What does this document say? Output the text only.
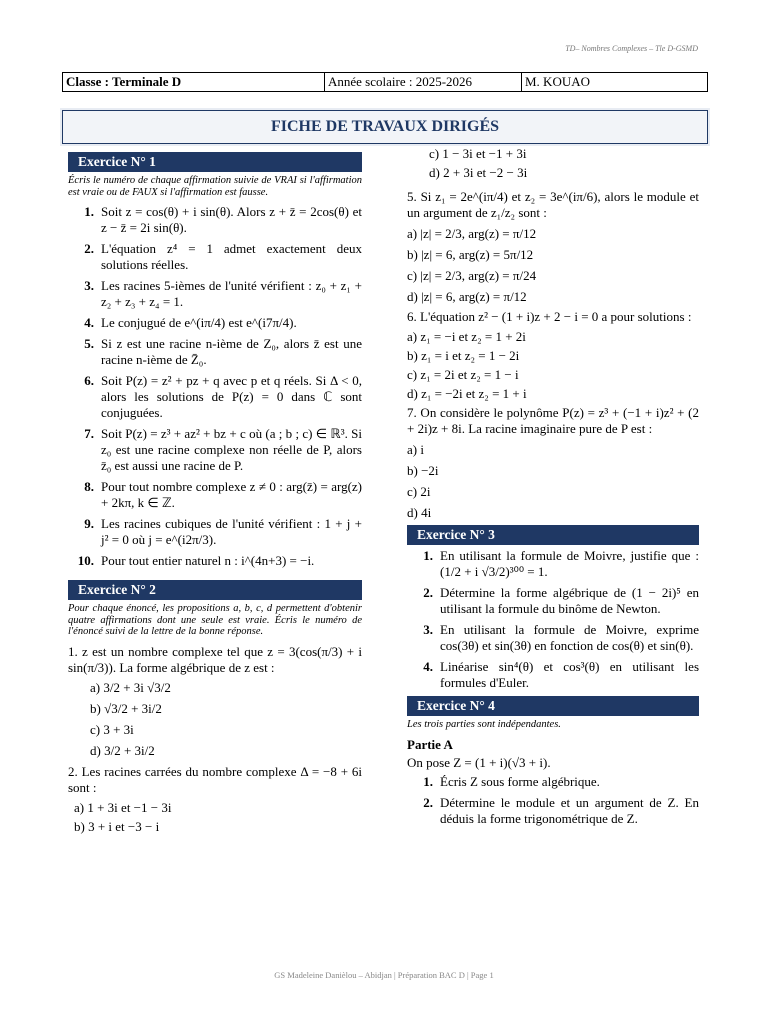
TD– Nombres Complexes – Tle D-GSMD
Classe : Terminale D	Année scolaire : 2025-2026	M. KOUAO
FICHE DE TRAVAUX DIRIGÉS
Exercice N° 1
Écris le numéro de chaque affirmation suivie de VRAI si l'affirmation est vraie ou de FAUX si l'affirmation est fausse.
1. Soit z = cos(θ) + i sin(θ). Alors z + z̄ = 2cos(θ) et z − z̄ = 2i sin(θ).
2. L'équation z⁴ = 1 admet exactement deux solutions réelles.
3. Les racines 5-ièmes de l'unité vérifient : z₀ + z₁ + z₂ + z₃ + z₄ = 1.
4. Le conjugué de e^(iπ/4) est e^(i7π/4).
5. Si z est une racine n-ième de Z₀, alors z̄ est une racine n-ième de Z̄₀.
6. Soit P(z) = z² + pz + q avec p et q réels. Si Δ < 0, alors les solutions de P(z) = 0 dans ℂ sont conjuguées.
7. Soit P(z) = z³ + az² + bz + c où (a ; b ; c) ∈ ℝ³. Si z₀ est une racine complexe non réelle de P, alors z̄₀ est aussi une racine de P.
8. Pour tout nombre complexe z ≠ 0 : arg(z̄) = arg(z) + 2kπ, k ∈ ℤ.
9. Les racines cubiques de l'unité vérifient : 1 + j + j² = 0 où j = e^(i2π/3).
10. Pour tout entier naturel n : i^(4n+3) = −i.
Exercice N° 2
Pour chaque énoncé, les propositions a, b, c, d permettent d'obtenir quatre affirmations dont une seule est vraie. Écris le numéro de l'énoncé suivi de la lettre de la bonne réponse.
1. z est un nombre complexe tel que z = 3(cos(π/3) + i sin(π/3)). La forme algébrique de z est :
a) 3/2 + 3i √3/2
b) √3/2 + 3i/2
c) 3 + 3i
d) 3/2 + 3i/2
2. Les racines carrées du nombre complexe Δ = −8 + 6i sont :
a) 1 + 3i et −1 − 3i
b) 3 + i et −3 − i
c) 1 − 3i et −1 + 3i
d) 2 + 3i et −2 − 3i
5. Si z₁ = 2e^(iπ/4) et z₂ = 3e^(iπ/6), alors le module et un argument de z₁/z₂ sont :
a) |z| = 2/3, arg(z) = π/12
b) |z| = 6, arg(z) = 5π/12
c) |z| = 2/3, arg(z) = π/24
d) |z| = 6, arg(z) = π/12
6. L'équation z² − (1 + i)z + 2 − i = 0 a pour solutions :
a) z₁ = −i et z₂ = 1 + 2i
b) z₁ = i et z₂ = 1 − 2i
c) z₁ = 2i et z₂ = 1 − i
d) z₁ = −2i et z₂ = 1 + i
7. On considère le polynôme P(z) = z³ + (−1 + i)z² + (2 + 2i)z + 8i. La racine imaginaire pure de P est :
a) i
b) −2i
c) 2i
d) 4i
Exercice N° 3
1. En utilisant la formule de Moivre, justifie que : (1/2 + i √3/2)³⁰⁰ = 1.
2. Détermine la forme algébrique de (1 − 2i)⁵ en utilisant la formule du binôme de Newton.
3. En utilisant la formule de Moivre, exprime cos(3θ) et sin(3θ) en fonction de cos(θ) et sin(θ).
4. Linéarise sin⁴(θ) et cos³(θ) en utilisant les formules d'Euler.
Exercice N° 4
Les trois parties sont indépendantes.
Partie A
On pose Z = (1 + i)(√3 + i).
1. Écris Z sous forme algébrique.
2. Détermine le module et un argument de Z. En déduis la forme trigonométrique de Z.
GS Madeleine Danièlou – Abidjan | Préparation BAC D | Page 1
